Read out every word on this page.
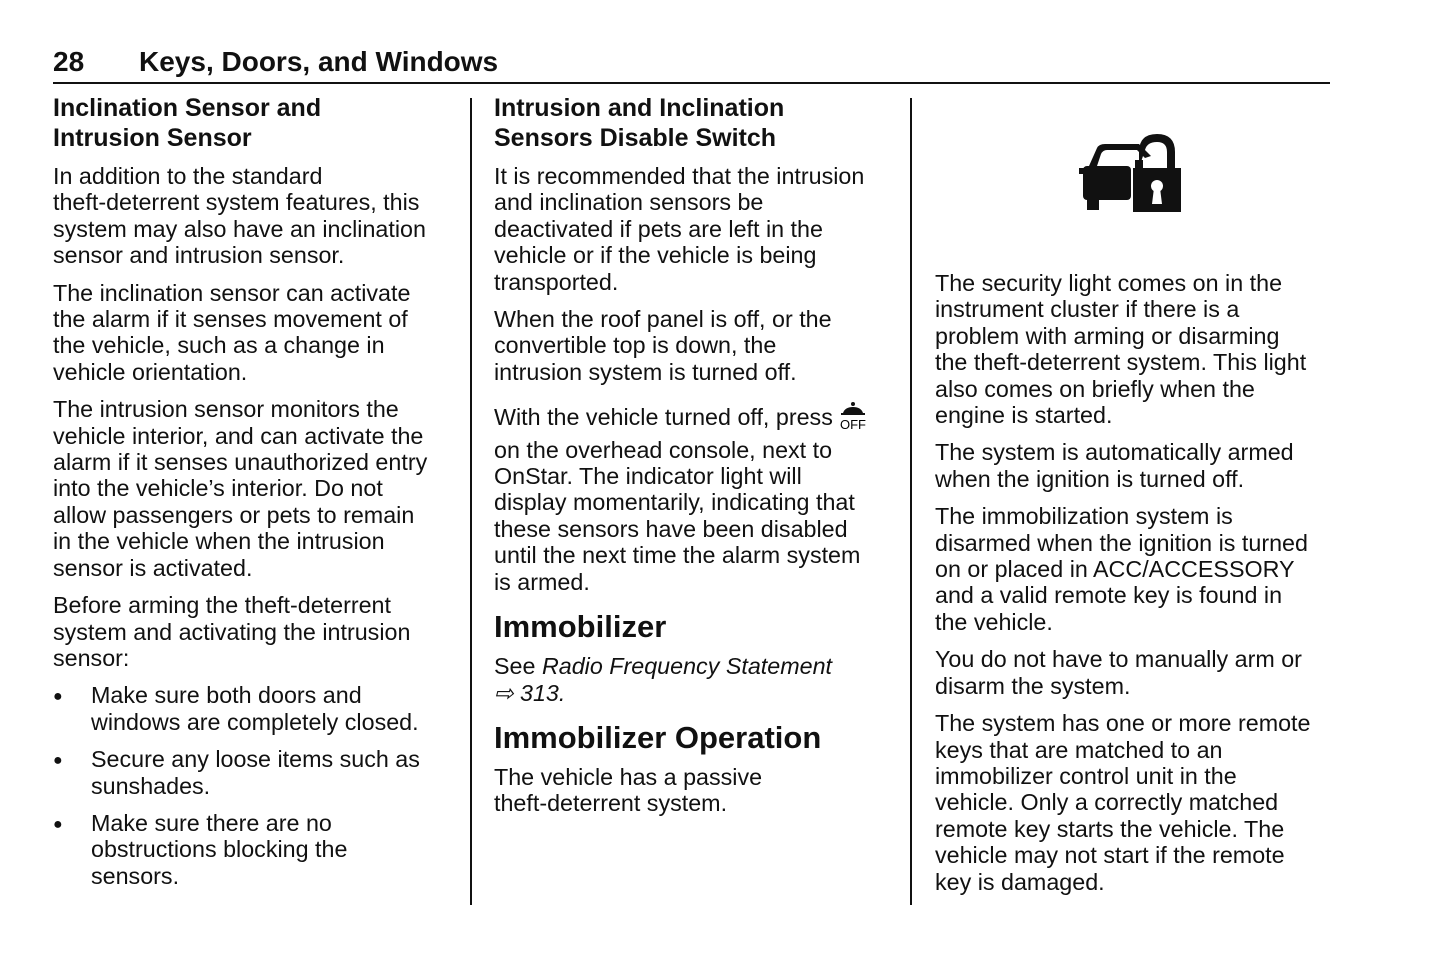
28 Keys, Doors, and Windows
Inclination Sensor and
Intrusion Sensor

In addition to the standard
theft-deterrent system features, this
system may also have an inclination
sensor and intrusion sensor.

The inclination sensor can activate
the alarm if it senses movement of
the vehicle, such as a change in
vehicle orientation.

The intrusion sensor monitors the
vehicle interior, and can activate the
alarm if it senses unauthorized entry
into the vehicle’s interior. Do not
allow passengers or pets to remain
in the vehicle when the intrusion
sensor is activated.

Before arming the theft-deterrent
system and activating the intrusion
sensor:

● Make sure both doors and
windows are completely closed.
● Secure any loose items such as
sunshades.
● Make sure there are no
obstructions blocking the
sensors.
Intrusion and Inclination
Sensors Disable Switch

It is recommended that the intrusion
and inclination sensors be
deactivated if pets are left in the
vehicle or if the vehicle is being
transported.

When the roof panel is off, or the
convertible top is down, the
intrusion system is turned off.

With the vehicle turned off, press OFF

on the overhead console, next to
OnStar. The indicator light will
display momentarily, indicating that
these sensors have been disabled
until the next time the alarm system
is armed.

Immobilizer

See Radio Frequency Statement
⇨ 313.

Immobilizer Operation

The vehicle has a passive
theft-deterrent system.

The security light comes on in the
instrument cluster if there is a
problem with arming or disarming
the theft-deterrent system. This light
also comes on briefly when the
engine is started.

The system is automatically armed
when the ignition is turned off.

The immobilization system is
disarmed when the ignition is turned
on or placed in ACC/ACCESSORY
and a valid remote key is found in
the vehicle.

You do not have to manually arm or
disarm the system.

The system has one or more remote
keys that are matched to an
immobilizer control unit in the
vehicle. Only a correctly matched
remote key starts the vehicle. The
vehicle may not start if the remote
key is damaged.
